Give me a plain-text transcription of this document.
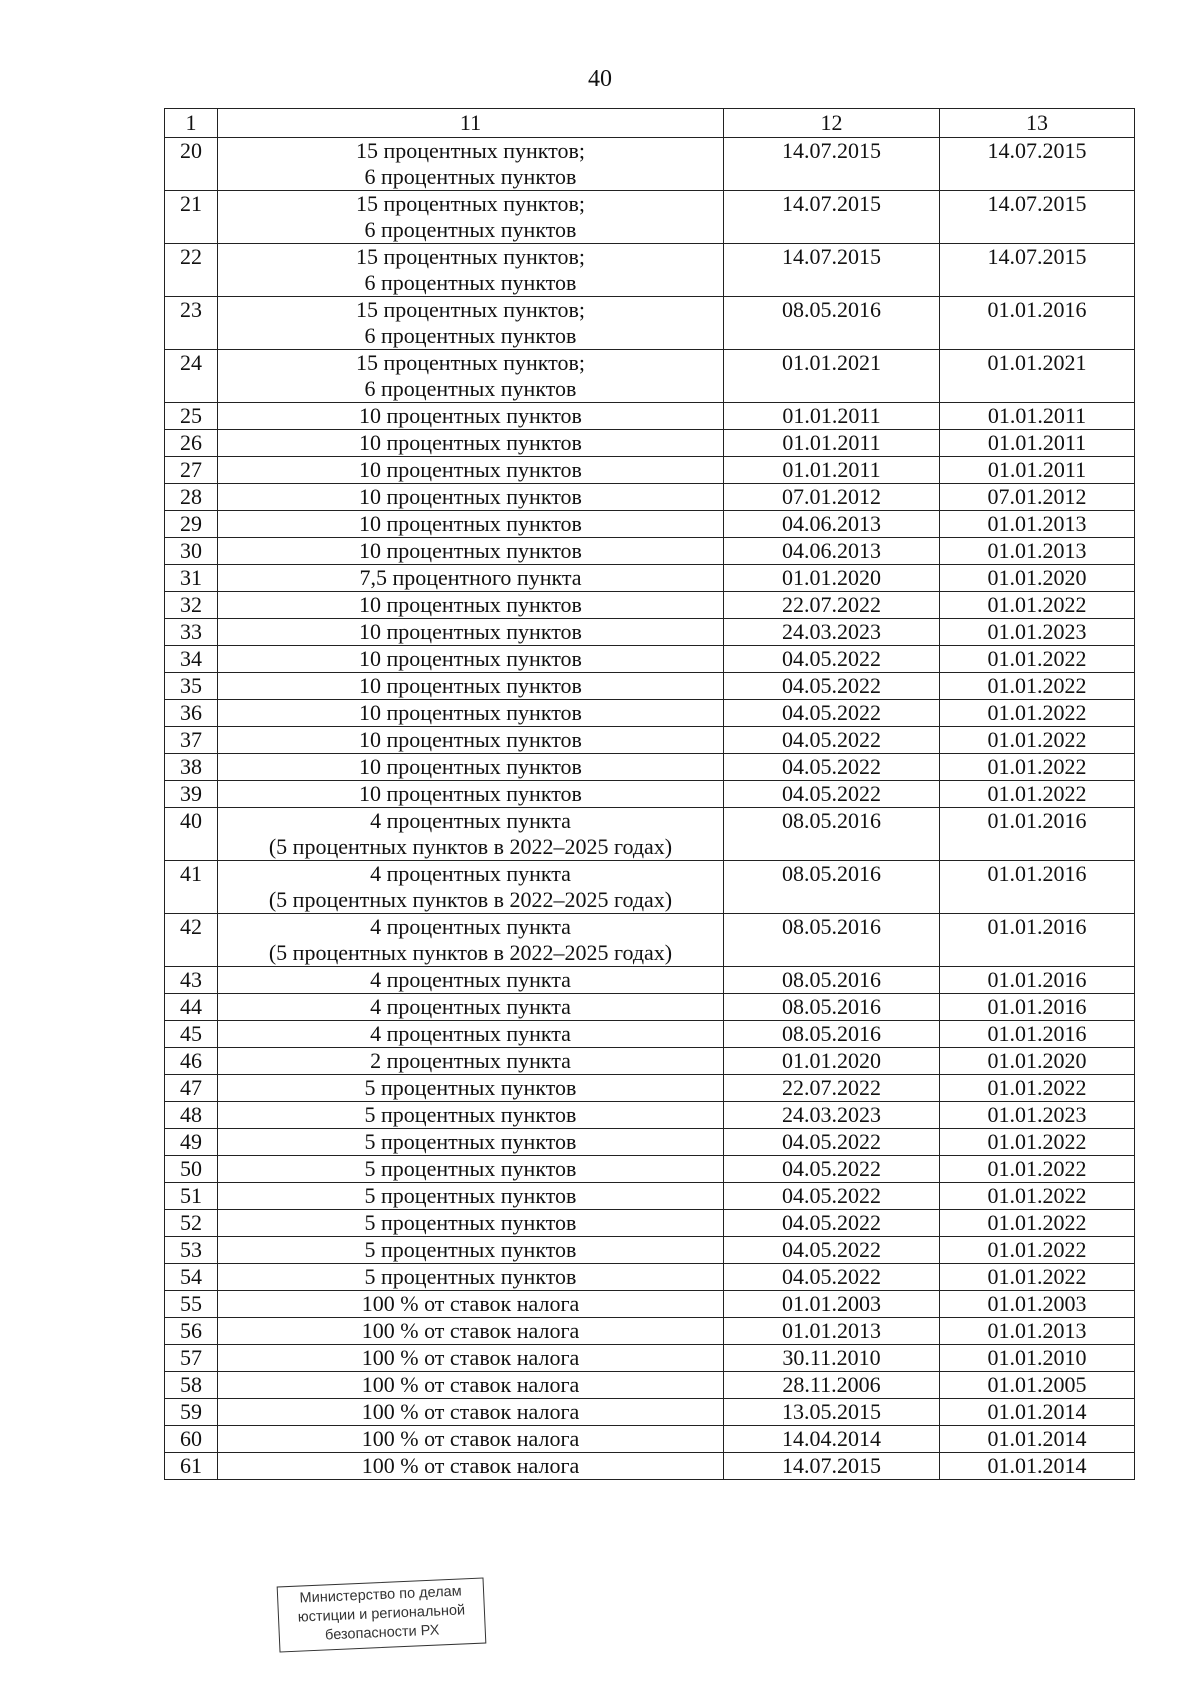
40
1	11	12	13
20	15 процентных пунктов;
6 процентных пунктов	14.07.2015	14.07.2015
21	15 процентных пунктов;
6 процентных пунктов	14.07.2015	14.07.2015
22	15 процентных пунктов;
6 процентных пунктов	14.07.2015	14.07.2015
23	15 процентных пунктов;
6 процентных пунктов	08.05.2016	01.01.2016
24	15 процентных пунктов;
6 процентных пунктов	01.01.2021	01.01.2021
25	10 процентных пунктов	01.01.2011	01.01.2011
26	10 процентных пунктов	01.01.2011	01.01.2011
27	10 процентных пунктов	01.01.2011	01.01.2011
28	10 процентных пунктов	07.01.2012	07.01.2012
29	10 процентных пунктов	04.06.2013	01.01.2013
30	10 процентных пунктов	04.06.2013	01.01.2013
31	7,5 процентного пункта	01.01.2020	01.01.2020
32	10 процентных пунктов	22.07.2022	01.01.2022
33	10 процентных пунктов	24.03.2023	01.01.2023
34	10 процентных пунктов	04.05.2022	01.01.2022
35	10 процентных пунктов	04.05.2022	01.01.2022
36	10 процентных пунктов	04.05.2022	01.01.2022
37	10 процентных пунктов	04.05.2022	01.01.2022
38	10 процентных пунктов	04.05.2022	01.01.2022
39	10 процентных пунктов	04.05.2022	01.01.2022
40	4 процентных пункта
(5 процентных пунктов в 2022–2025 годах)	08.05.2016	01.01.2016
41	4 процентных пункта
(5 процентных пунктов в 2022–2025 годах)	08.05.2016	01.01.2016
42	4 процентных пункта
(5 процентных пунктов в 2022–2025 годах)	08.05.2016	01.01.2016
43	4 процентных пункта	08.05.2016	01.01.2016
44	4 процентных пункта	08.05.2016	01.01.2016
45	4 процентных пункта	08.05.2016	01.01.2016
46	2 процентных пункта	01.01.2020	01.01.2020
47	5 процентных пунктов	22.07.2022	01.01.2022
48	5 процентных пунктов	24.03.2023	01.01.2023
49	5 процентных пунктов	04.05.2022	01.01.2022
50	5 процентных пунктов	04.05.2022	01.01.2022
51	5 процентных пунктов	04.05.2022	01.01.2022
52	5 процентных пунктов	04.05.2022	01.01.2022
53	5 процентных пунктов	04.05.2022	01.01.2022
54	5 процентных пунктов	04.05.2022	01.01.2022
55	100 % от ставок налога	01.01.2003	01.01.2003
56	100 % от ставок налога	01.01.2013	01.01.2013
57	100 % от ставок налога	30.11.2010	01.01.2010
58	100 % от ставок налога	28.11.2006	01.01.2005
59	100 % от ставок налога	13.05.2015	01.01.2014
60	100 % от ставок налога	14.04.2014	01.01.2014
61	100 % от ставок налога	14.07.2015	01.01.2014
Министерство по делам
юстиции и региональной
безопасности РХ
